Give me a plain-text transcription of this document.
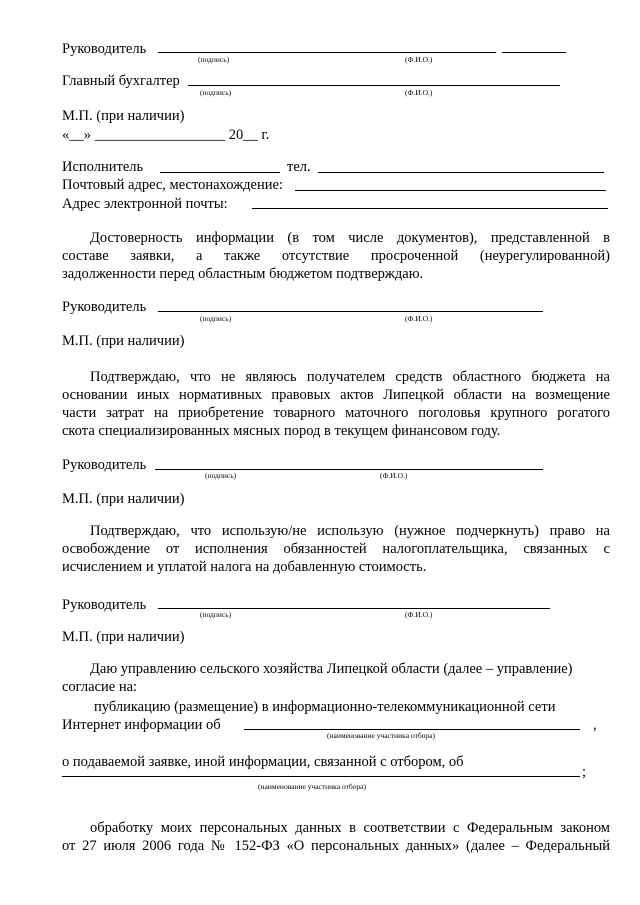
Руководитель
(подпись)	(Ф.И.О.)
Главный бухгалтер
(подпись)	(Ф.И.О.)
М.П. (при наличии)
«__» __________________ 20__ г.
Исполнитель	тел.
Почтовый адрес, местонахождение:
Адрес электронной почты:
Достоверность информации (в том числе документов), представленной в
составе заявки, а также отсутствие просроченной (неурегулированной)
задолженности перед областным бюджетом подтверждаю.
Руководитель
(подпись)	(Ф.И.О.)
М.П. (при наличии)
Подтверждаю, что не являюсь получателем средств областного бюджета на
основании иных нормативных правовых актов Липецкой области на возмещение
части затрат на приобретение товарного маточного поголовья крупного рогатого
скота специализированных мясных пород в текущем финансовом году.
Руководитель
(подпись)	(Ф.И.О.)
М.П. (при наличии)
Подтверждаю, что использую/не использую (нужное подчеркнуть) право на
освобождение от исполнения обязанностей налогоплательщика, связанных с
исчислением и уплатой налога на добавленную стоимость.
Руководитель
(подпись)	(Ф.И.О.)
М.П. (при наличии)
Даю управлению сельского хозяйства Липецкой области (далее – управление)
согласие на:
публикацию (размещение) в информационно-телекоммуникационной сети
Интернет информации об	,
(наименование участника отбора)
о подаваемой заявке, иной информации, связанной с отбором, об
;
(наименование участника отбора)
обработку моих персональных данных в соответствии с Федеральным законом
от 27 июля 2006 года № 152-ФЗ «О персональных данных» (далее – Федеральный
